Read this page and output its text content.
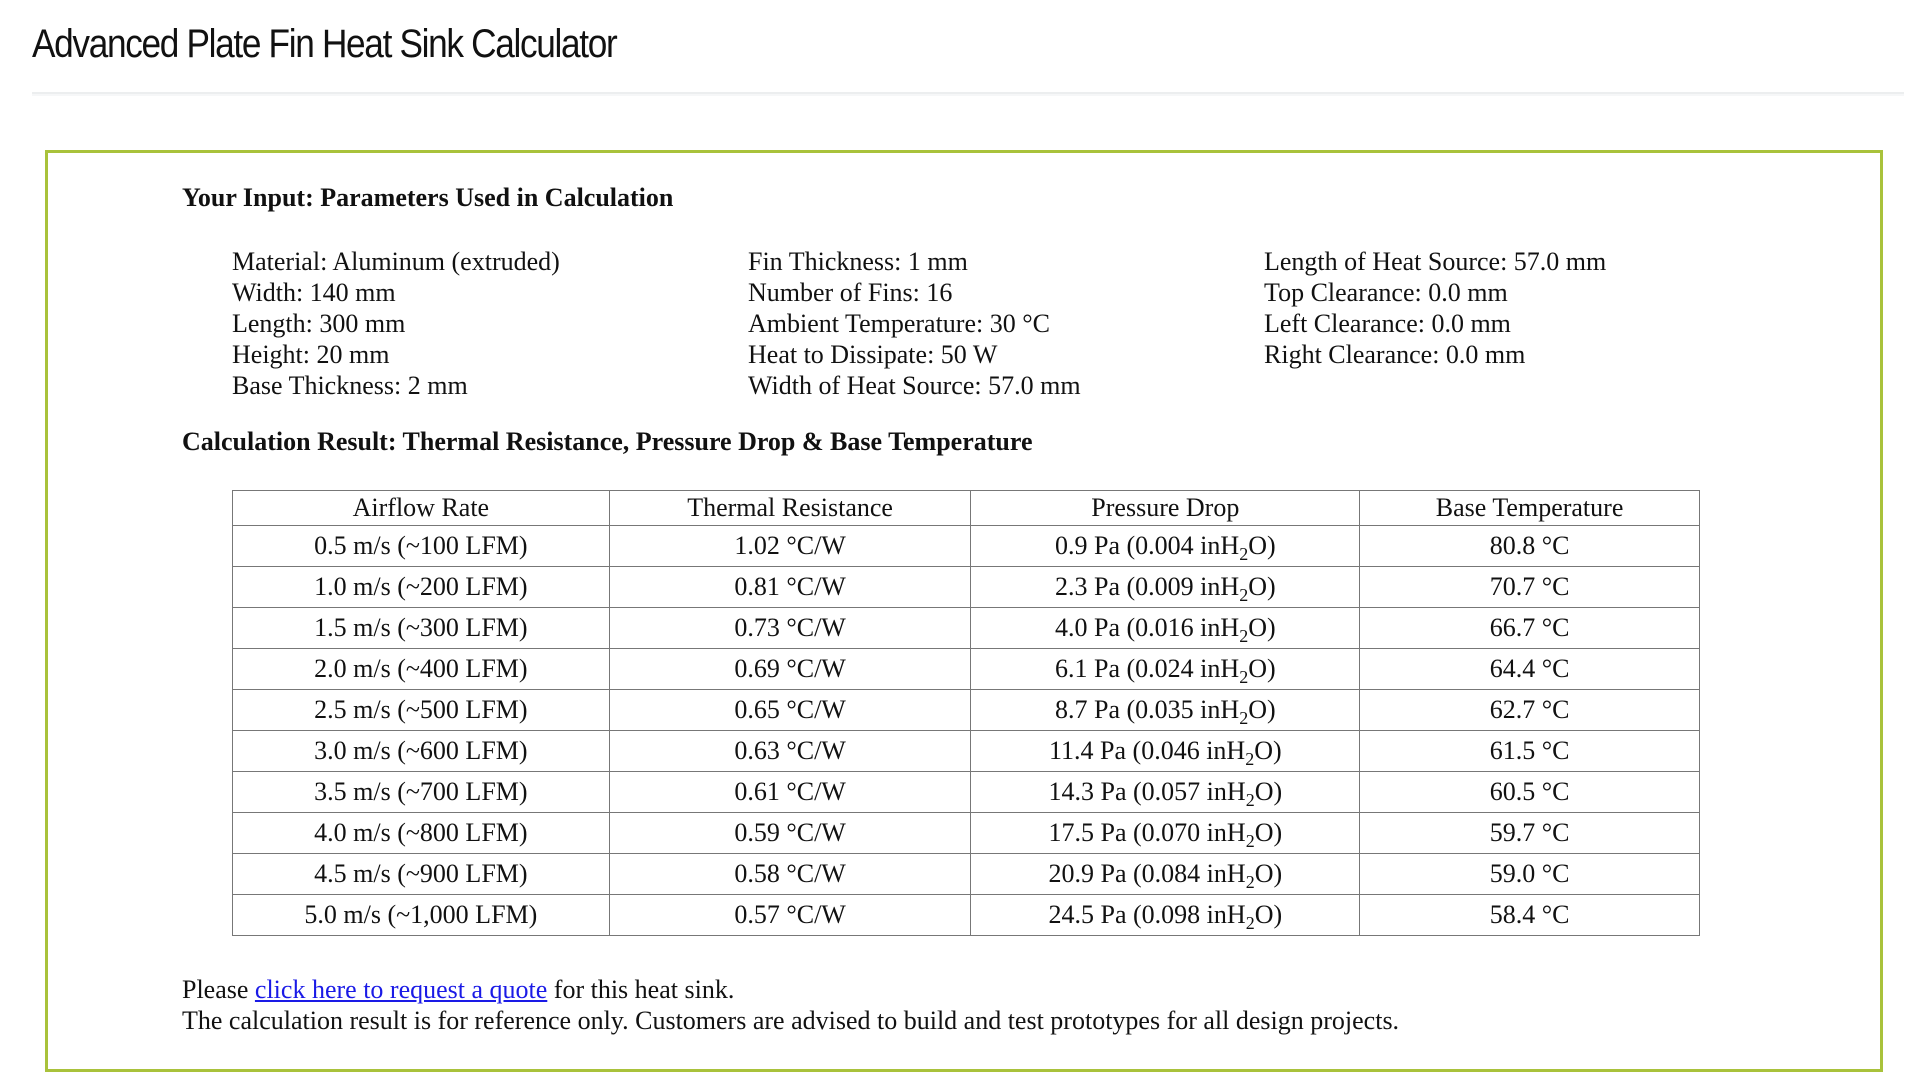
Advanced Plate Fin Heat Sink Calculator
Your Input: Parameters Used in Calculation
Material: Aluminum (extruded)
Width: 140 mm
Length: 300 mm
Height: 20 mm
Base Thickness: 2 mm
Fin Thickness: 1 mm
Number of Fins: 16
Ambient Temperature: 30 °C
Heat to Dissipate: 50 W
Width of Heat Source: 57.0 mm
Length of Heat Source: 57.0 mm
Top Clearance: 0.0 mm
Left Clearance: 0.0 mm
Right Clearance: 0.0 mm
Calculation Result: Thermal Resistance, Pressure Drop & Base Temperature
Airflow Rate	Thermal Resistance	Pressure Drop	Base Temperature
0.5 m/s (~100 LFM)	1.02 °C/W	0.9 Pa (0.004 inH$_2$O)	80.8 °C
1.0 m/s (~200 LFM)	0.81 °C/W	2.3 Pa (0.009 inH$_2$O)	70.7 °C
1.5 m/s (~300 LFM)	0.73 °C/W	4.0 Pa (0.016 inH$_2$O)	66.7 °C
2.0 m/s (~400 LFM)	0.69 °C/W	6.1 Pa (0.024 inH$_2$O)	64.4 °C
2.5 m/s (~500 LFM)	0.65 °C/W	8.7 Pa (0.035 inH$_2$O)	62.7 °C
3.0 m/s (~600 LFM)	0.63 °C/W	11.4 Pa (0.046 inH$_2$O)	61.5 °C
3.5 m/s (~700 LFM)	0.61 °C/W	14.3 Pa (0.057 inH$_2$O)	60.5 °C
4.0 m/s (~800 LFM)	0.59 °C/W	17.5 Pa (0.070 inH$_2$O)	59.7 °C
4.5 m/s (~900 LFM)	0.58 °C/W	20.9 Pa (0.084 inH$_2$O)	59.0 °C
5.0 m/s (~1,000 LFM)	0.57 °C/W	24.5 Pa (0.098 inH$_2$O)	58.4 °C
Please click here to request a quote for this heat sink.
The calculation result is for reference only. Customers are advised to build and test prototypes for all design projects.
